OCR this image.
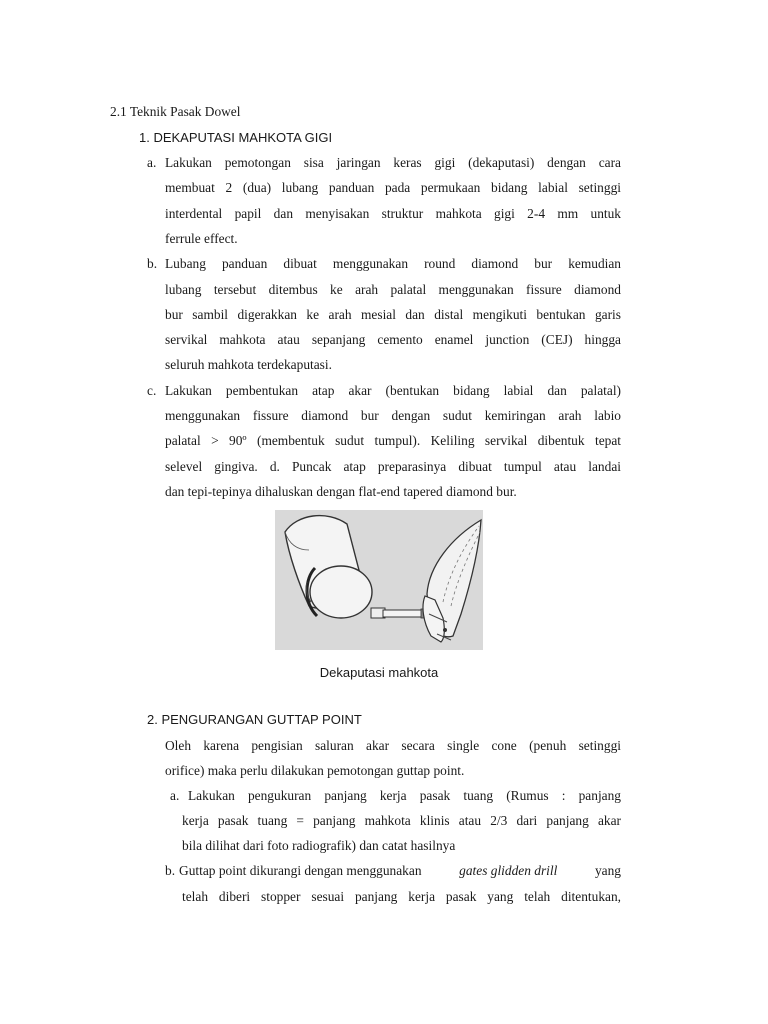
2.1 Teknik Pasak Dowel
1. DEKAPUTASI MAHKOTA GIGI
a. Lakukan pemotongan sisa jaringan keras gigi (dekaputasi) dengan cara
membuat 2 (dua) lubang panduan pada permukaan bidang labial setinggi
interdental papil dan menyisakan struktur mahkota gigi 2-4 mm untuk
ferrule effect.
b. Lubang panduan dibuat menggunakan round diamond bur kemudian
lubang tersebut ditembus ke arah palatal menggunakan fissure diamond
bur sambil digerakkan ke arah mesial dan distal mengikuti bentukan garis
servikal mahkota atau sepanjang cemento enamel junction (CEJ) hingga
seluruh mahkota terdekaputasi.
c. Lakukan pembentukan atap akar (bentukan bidang labial dan palatal)
menggunakan fissure diamond bur dengan sudut kemiringan arah labio
palatal > 90º (membentuk sudut tumpul). Keliling servikal dibentuk tepat
selevel gingiva. d. Puncak atap preparasinya dibuat tumpul atau landai
dan tepi-tepinya dihaluskan dengan flat-end tapered diamond bur.
Dekaputasi mahkota
2. PENGURANGAN GUTTAP POINT
Oleh karena pengisian saluran akar secara single cone (penuh setinggi
orifice) maka perlu dilakukan pemotongan guttap point.
a. Lakukan pengukuran panjang kerja pasak tuang (Rumus : panjang
kerja pasak tuang = panjang mahkota klinis atau 2/3 dari panjang akar
bila dilihat dari foto radiografik) dan catat hasilnya
b. Guttap point dikurangi dengan menggunakan	gates glidden drill	yang
telah diberi stopper sesuai panjang kerja pasak yang telah ditentukan,
